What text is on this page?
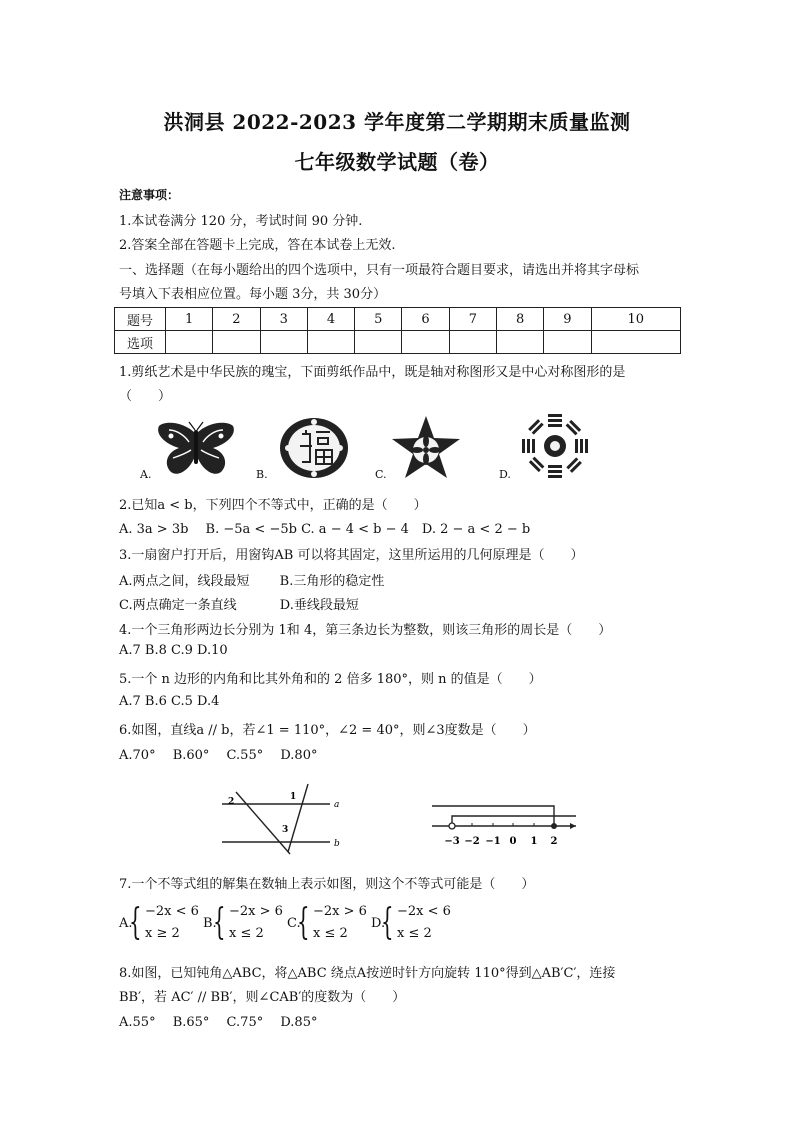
洪洞县 2022-2023 学年度第二学期期末质量监测
七年级数学试题（卷）
注意事项：
1.本试卷满分 120 分，考试时间 90 分钟.
2.答案全部在答题卡上完成，答在本试卷上无效.
一、选择题（在每小题给出的四个选项中，只有一项最符合题目要求，请选出并将其字母标
号填入下表相应位置。每小题 3分，共 30分）
题号	1	2	3	4	5	6	7	8	9	10
选项										
1.剪纸艺术是中华民族的瑰宝，下面剪纸作品中，既是轴对称图形又是中心对称图形的是
（　　）
A.	B.	C.	D.
2.已知a < b，下列四个不等式中，正确的是（　　）
A. 3a > 3b　 B. −5a < −5b C. a − 4 < b − 4　D. 2 − a < 2 − b
3.一扇窗户打开后，用窗钩AB 可以将其固定，这里所运用的几何原理是（　　）
A.两点之间，线段最短　　 B.三角形的稳定性
C.两点确定一条直线　　　 D.垂线段最短
4.一个三角形两边长分别为 1和 4，第三条边长为整数，则该三角形的周长是（　　）
A.7 B.8 C.9 D.10
5.一个 n 边形的内角和比其外角和的 2 倍多 180°，则 n 的值是（　　）
A.7 B.6 C.5 D.4
6.如图，直线a // b，若∠1 = 110°，∠2 = 40°，则∠3度数是（　　）
A.70°　 B.60°　 C.55°　 D.80°
2	1
3
a
b	−3 −2 −1 0 1 2
7.一个不等式组的解集在数轴上表示如图，则这个不等式可能是（　　）
A.
{ −2x < 6
x ≥ 2
B.
{ −2x > 6
x ≤ 2
C.
{ −2x > 6
x ≤ 2
D.
{ −2x < 6
x ≤ 2
8.如图，已知钝角△ABC，将△ABC 绕点A按逆时针方向旋转 110°得到△AB′C′，连接
BB′，若 AC′ // BB′，则∠CAB′的度数为（　　）
A.55°　 B.65°　 C.75°　 D.85°
